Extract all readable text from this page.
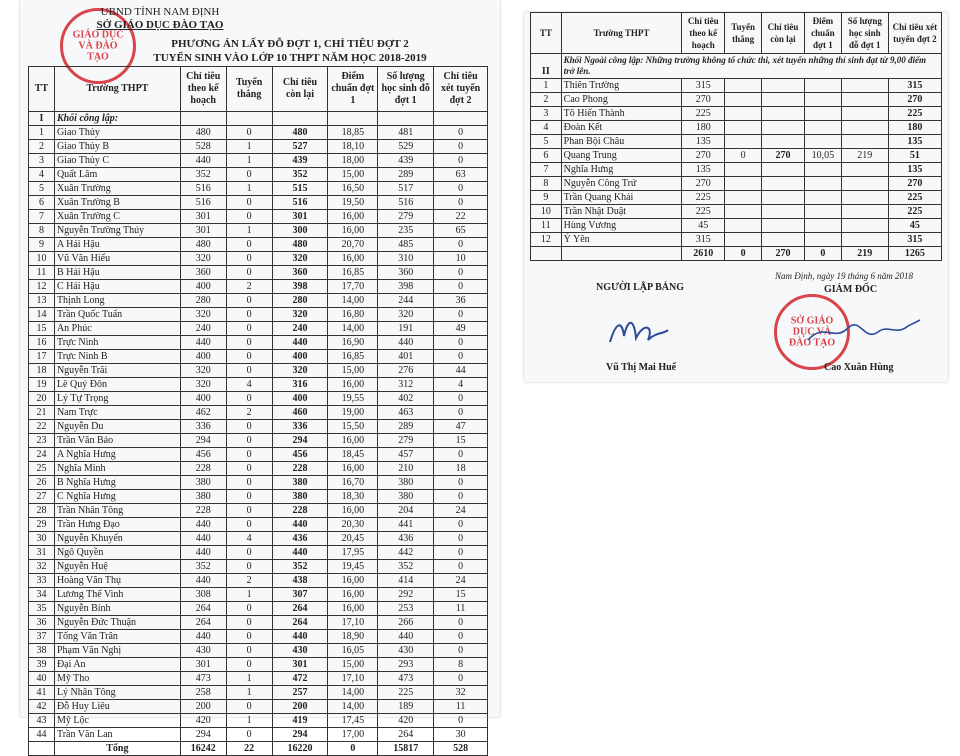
GIÁO DỤC VÀ ĐÀO TẠO
UBND TỈNH NAM ĐỊNH
SỞ GIÁO DỤC ĐÀO TẠO
PHƯƠNG ÁN LẤY ĐỖ ĐỢT 1, CHỈ TIÊU ĐỢT 2
TUYỂN SINH VÀO LỚP 10 THPT NĂM HỌC 2018-2019
TT	Trường THPT	Chỉ tiêu theo kế hoạch	Tuyển thẳng	Chỉ tiêu còn lại	Điểm chuẩn đợt 1	Số lượng học sinh đỗ đợt 1	Chỉ tiêu xét tuyển đợt 2
I	Khối công lập:						
1	Giao Thủy	480	0	480	18,85	481	0
2	Giao Thủy B	528	1	527	18,10	529	0
3	Giao Thủy C	440	1	439	18,00	439	0
4	Quất Lâm	352	0	352	15,00	289	63
5	Xuân Trường	516	1	515	16,50	517	0
6	Xuân Trường B	516	0	516	19,50	516	0
7	Xuân Trường C	301	0	301	16,00	279	22
8	Nguyễn Trường Thúy	301	1	300	16,00	235	65
9	A Hải Hậu	480	0	480	20,70	485	0
10	Vũ Văn Hiếu	320	0	320	16,00	310	10
11	B Hải Hậu	360	0	360	16,85	360	0
12	C Hải Hậu	400	2	398	17,70	398	0
13	Thịnh Long	280	0	280	14,00	244	36
14	Trần Quốc Tuấn	320	0	320	16,80	320	0
15	An Phúc	240	0	240	14,00	191	49
16	Trực Ninh	440	0	440	16,90	440	0
17	Trực Ninh B	400	0	400	16,85	401	0
18	Nguyễn Trãi	320	0	320	15,00	276	44
19	Lê Quý Đôn	320	4	316	16,00	312	4
20	Lý Tự Trọng	400	0	400	19,55	402	0
21	Nam Trực	462	2	460	19,00	463	0
22	Nguyễn Du	336	0	336	15,50	289	47
23	Trần Văn Bảo	294	0	294	16,00	279	15
24	A Nghĩa Hưng	456	0	456	18,45	457	0
25	Nghĩa Minh	228	0	228	16,00	210	18
26	B Nghĩa Hưng	380	0	380	16,70	380	0
27	C Nghĩa Hưng	380	0	380	18,30	380	0
28	Trần Nhân Tông	228	0	228	16,00	204	24
29	Trần Hưng Đạo	440	0	440	20,30	441	0
30	Nguyễn Khuyến	440	4	436	20,45	436	0
31	Ngô Quyền	440	0	440	17,95	442	0
32	Nguyễn Huệ	352	0	352	19,45	352	0
33	Hoàng Văn Thụ	440	2	438	16,00	414	24
34	Lương Thế Vinh	308	1	307	16,00	292	15
35	Nguyễn Bính	264	0	264	16,00	253	11
36	Nguyễn Đức Thuận	264	0	264	17,10	266	0
37	Tống Văn Trân	440	0	440	18,90	440	0
38	Phạm Văn Nghị	430	0	430	16,05	430	0
39	Đại An	301	0	301	15,00	293	8
40	Mỹ Tho	473	1	472	17,10	473	0
41	Lý Nhân Tông	258	1	257	14,00	225	32
42	Đỗ Huy Liêu	200	0	200	14,00	189	11
43	Mỹ Lộc	420	1	419	17,45	420	0
44	Trần Văn Lan	294	0	294	17,00	264	30
	Tổng	16242	22	16220	0	15817	528
TT	Trường THPT	Chỉ tiêu theo kế hoạch	Tuyển thẳng	Chỉ tiêu còn lại	Điểm chuẩn đợt 1	Số lượng học sinh đỗ đợt 1	Chỉ tiêu xét tuyển đợt 2
II	Khối Ngoài công lập: Những trường không tổ chức thi, xét tuyển những thí sinh đạt từ 9,00 điểm trở lên.						
1	Thiên Trường	315					315
2	Cao Phong	270					270
3	Tô Hiến Thành	225					225
4	Đoàn Kết	180					180
5	Phan Bội Châu	135					135
6	Quang Trung	270	0	270	10,05	219	51
7	Nghĩa Hưng	135					135
8	Nguyễn Công Trứ	270					270
9	Trần Quang Khải	225					225
10	Trần Nhật Duật	225					225
11	Hùng Vương	45					45
12	Ý Yên	315					315
		2610	0	270	0	219	1265
Nam Định, ngày 19 tháng 6 năm 2018
NGƯỜI LẬP BẢNG	GIÁM ĐỐC
SỞ GIÁO DỤC VÀ ĐÀO TẠO
Vũ Thị Mai Huế	Cao Xuân Hùng
